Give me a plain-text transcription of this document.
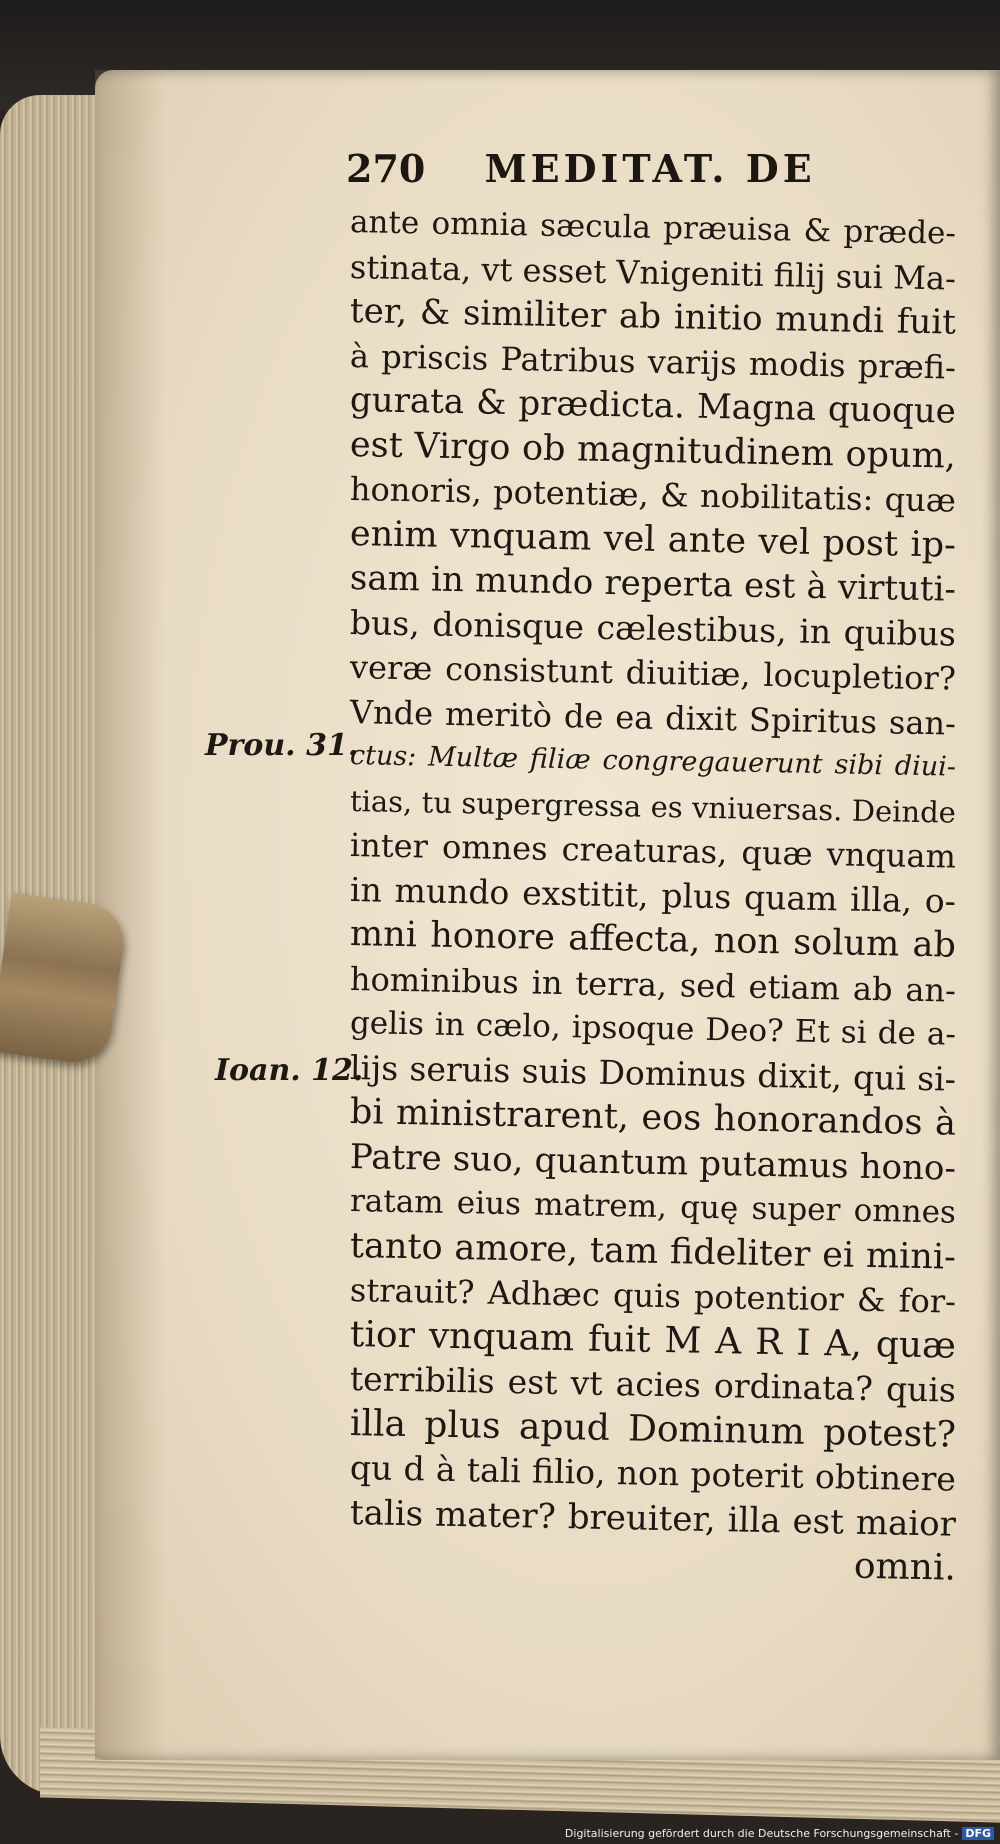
270 MEDITAT. DE
Prou. 31.
Ioan. 12.
ante omnia sæcula præuisa & præde-
stinata, vt esset Vnigeniti filij sui Ma-
ter, & similiter ab initio mundi fuit
à priscis Patribus varijs modis præfi-
gurata & prædicta. Magna quoque
est Virgo ob magnitudinem opum,
honoris, potentiæ, & nobilitatis: quæ
enim vnquam vel ante vel post ip-
sam in mundo reperta est à virtuti-
bus, donisque cælestibus, in quibus
veræ consistunt diuitiæ, locupletior?
Vnde meritò de ea dixit Spiritus san-
ctus: Multæ filiæ congregauerunt sibi diui-
tias, tu supergressa es vniuersas. Deinde
inter omnes creaturas, quæ vnquam
in mundo exstitit, plus quam illa, o-
mni honore affecta, non solum ab
hominibus in terra, sed etiam ab an-
gelis in cælo, ipsoque Deo? Et si de a-
lijs seruis suis Dominus dixit, qui si-
bi ministrarent, eos honorandos à
Patre suo, quantum putamus hono-
ratam eius matrem, quę super omnes
tanto amore, tam fideliter ei mini-
strauit? Adhæc quis potentior & for-
tior vnquam fuit M A R I A, quæ
terribilis est vt acies ordinata? quis
illa plus apud Dominum potest?
qu d à tali filio, non poterit obtinere
talis mater? breuiter, illa est maior
omni.
Digitalisierung gefördert durch die Deutsche Forschungsgemeinschaft - DFG
